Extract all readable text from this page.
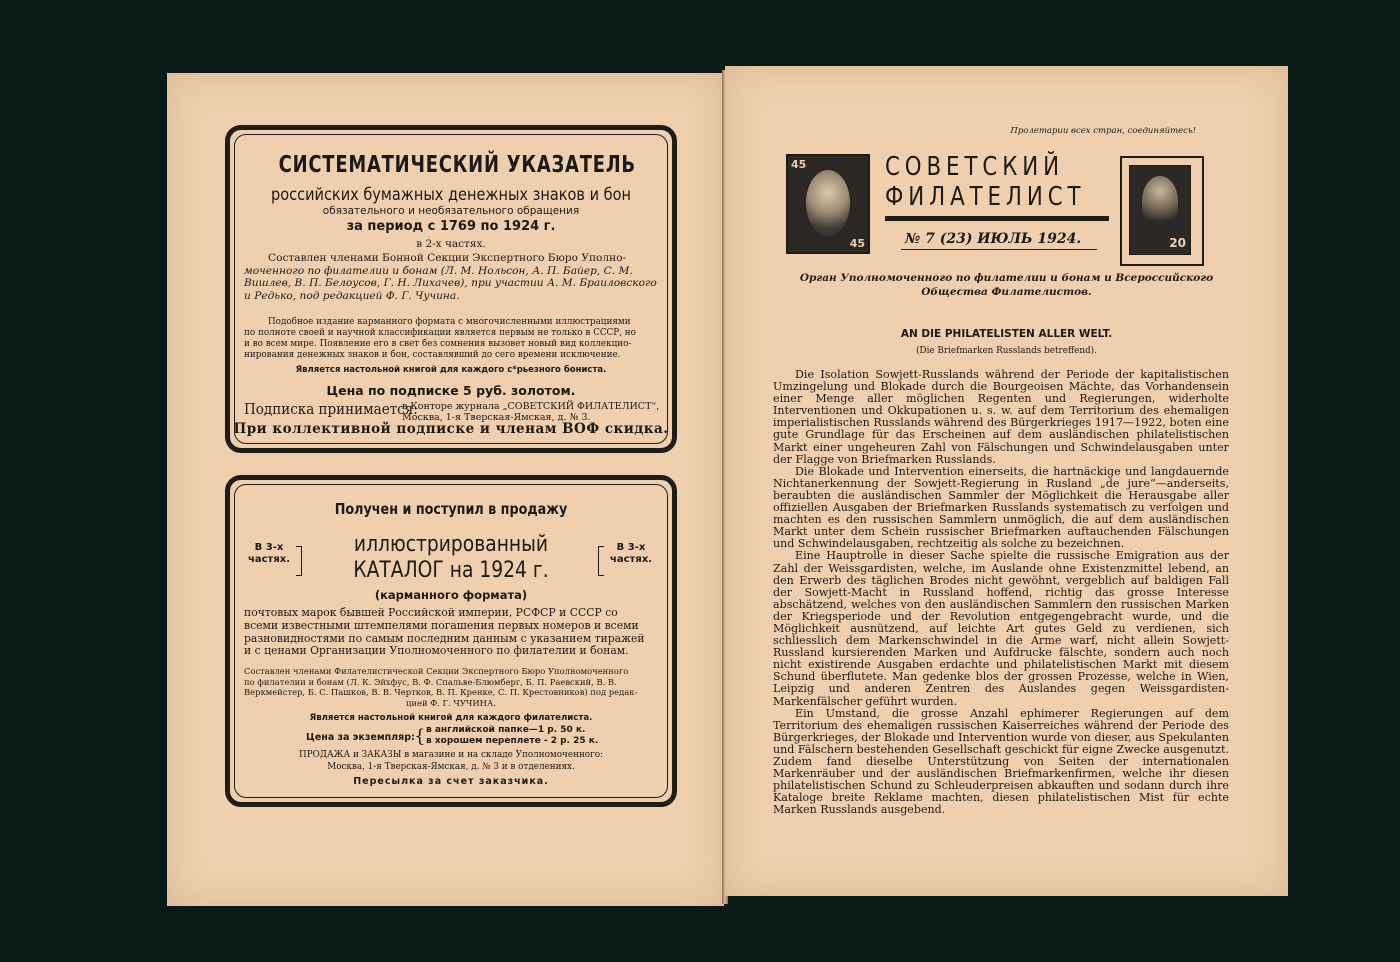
СИСТЕМАТИЧЕСКИЙ УКАЗАТЕЛЬ
российских бумажных денежных знаков и бон
обязательного и необязательного обращения
за период с 1769 по 1924 г.
в 2-х частях.
Составлен членами Бонной Секции Экспертного Бюро Уполно-
моченного по филателии и бонам (Л. М. Нольсон, А. П. Байер, С. М.
Вишлев, В. П. Белоусов, Г. Н. Лихачев), при участии А. М. Браиловского
и Редько, под редакцией Ф. Г. Чучина.
Подобное издание карманного формата с многочисленными иллюстрациями
по полноте своей и научной классификации является первым не только в СССР, но
и во всем мире. Появление его в свет без сомнения вызовет новый вид коллекцио-
нирования денежных знаков и бон, составлявший до сего времени исключение.
Является настольной книгой для каждого с*рьезного бониста.
Цена по подписке 5 руб. золотом.
Подписка принимается:
в Конторе журнала „СОВЕТСКИЙ ФИЛАТЕЛИСТ“,
Москва, 1-я Тверская-Ямская, д. № 3.
При коллективной подписке и членам ВОФ скидка.
Получен и поступил в продажу
В 3-х
частях.
В 3-х
частях.
иллюстрированный
КАТАЛОГ на 1924 г.
(карманного формата)
почтовых марок бывшей Российской империи, РСФСР и СССР со
всеми известными штемпелями погашения первых номеров и всеми
разновидностями по самым последним данным с указанием тиражей
и с ценами Организации Уполномоченного по филателии и бонам.
Составлен членами Филателистической Секции Экспертного Бюро Уполномоченного
по филателии и бонам (Л. К. Эйхфус, В. Ф. Спальве-Блюмберг, Б. П. Раевский, В. В.
Веркмейстер, Б. С. Пашков, В. В. Чертков, В. П. Кренке, С. П. Крестовников) под редак-
цией Ф. Г. ЧУЧИНА.
Является настольной книгой для каждого филателиста.
Цена за экземпляр: { в английской папке—1 р. 50 к.
в хорошем переплете - 2 р. 25 к.
ПРОДАЖА и ЗАКАЗЫ в магазине и на складе Уполномоченного:
Москва, 1-я Тверская-Ямская, д. № 3 и в отделениях.
Пересылка за счет заказчика.
Пролетарии всех стран, соединяйтесь!
45
45
СОВЕТСКИЙ
ФИЛАТЕЛИСТ
№ 7 (23) ИЮЛЬ 1924.	20
Орган Уполномоченного по филателии и бонам и Всероссийского
Общества Филателистов.
AN DIE PHILATELISTEN ALLER WELT.
(Die Briefmarken Russlands betreffend).

Die Isolation Sowjett-Russlands während der Periode der kapitalistischen Umzingelung und Blokade durch die Bourgeoisen Mächte, das Vorhandensein einer Menge aller möglichen Regenten und Regierungen, widerholte Interventionen und Okkupationen u. s. w. auf dem Territorium des ehemaligen imperialistischen Russlands während des Bürgerkrieges 1917—1922, boten eine gute Grundlage für das Erscheinen auf dem ausländischen philatelistischen Markt einer ungeheuren Zahl von Fälschungen und Schwindelausgaben unter der Flagge von Briefmarken Russlands.

Die Blokade und Intervention einerseits, die hartnäckige und langdauernde Nichtanerkennung der Sowjett-Regierung in Rusland „de jure“—anderseits, beraubten die ausländischen Sammler der Möglichkeit die Herausgabe aller offiziellen Ausgaben der Briefmarken Russlands systematisch zu verfolgen und machten es den russischen Sammlern unmöglich, die auf dem ausländischen Markt unter dem Schein russischer Briefmarken auftauchenden Fälschungen und Schwindelausgaben, rechtzeitig als solche zu bezeichnen.

Eine Hauptrolle in dieser Sache spielte die russische Emigration aus der Zahl der Weissgardisten, welche, im Auslande ohne Existenzmittel lebend, an den Erwerb des täglichen Brodes nicht gewöhnt, vergeblich auf baldigen Fall der Sowjett-Macht in Russland hoffend, richtig das grosse Interesse abschätzend, welches von den ausländischen Sammlern den russischen Marken der Kriegsperiode und der Revolution entgegengebracht wurde, und die Möglichkeit ausnützend, auf leichte Art gutes Geld zu verdienen, sich schliesslich dem Markenschwindel in die Arme warf, nicht allein Sowjett-Russland kursierenden Marken und Aufdrucke fälschte, sondern auch noch nicht existirende Ausgaben erdachte und philatelistischen Markt mit diesem Schund überflutete. Man gedenke blos der grossen Prozesse, welche in Wien, Leipzig und anderen Zentren des Auslandes gegen Weissgardisten-Markenfälscher geführt wurden.

Ein Umstand, die grosse Anzahl ephimerer Regierungen auf dem Territorium des ehemaligen russischen Kaiserreiches während der Periode des Bürgerkrieges, der Blokade und Intervention wurde von dieser, aus Spekulanten und Fälschern bestehenden Gesellschaft geschickt für eigne Zwecke ausgenutzt. Zudem fand dieselbe Unterstützung von Seiten der internationalen Markenräuber und der ausländischen Briefmarkenfirmen, welche ihr diesen philatelistischen Schund zu Schleuderpreisen abkauften und sodann durch ihre Kataloge breite Reklame machten, diesen philatelistischen Mist für echte Marken Russlands ausgebend.
